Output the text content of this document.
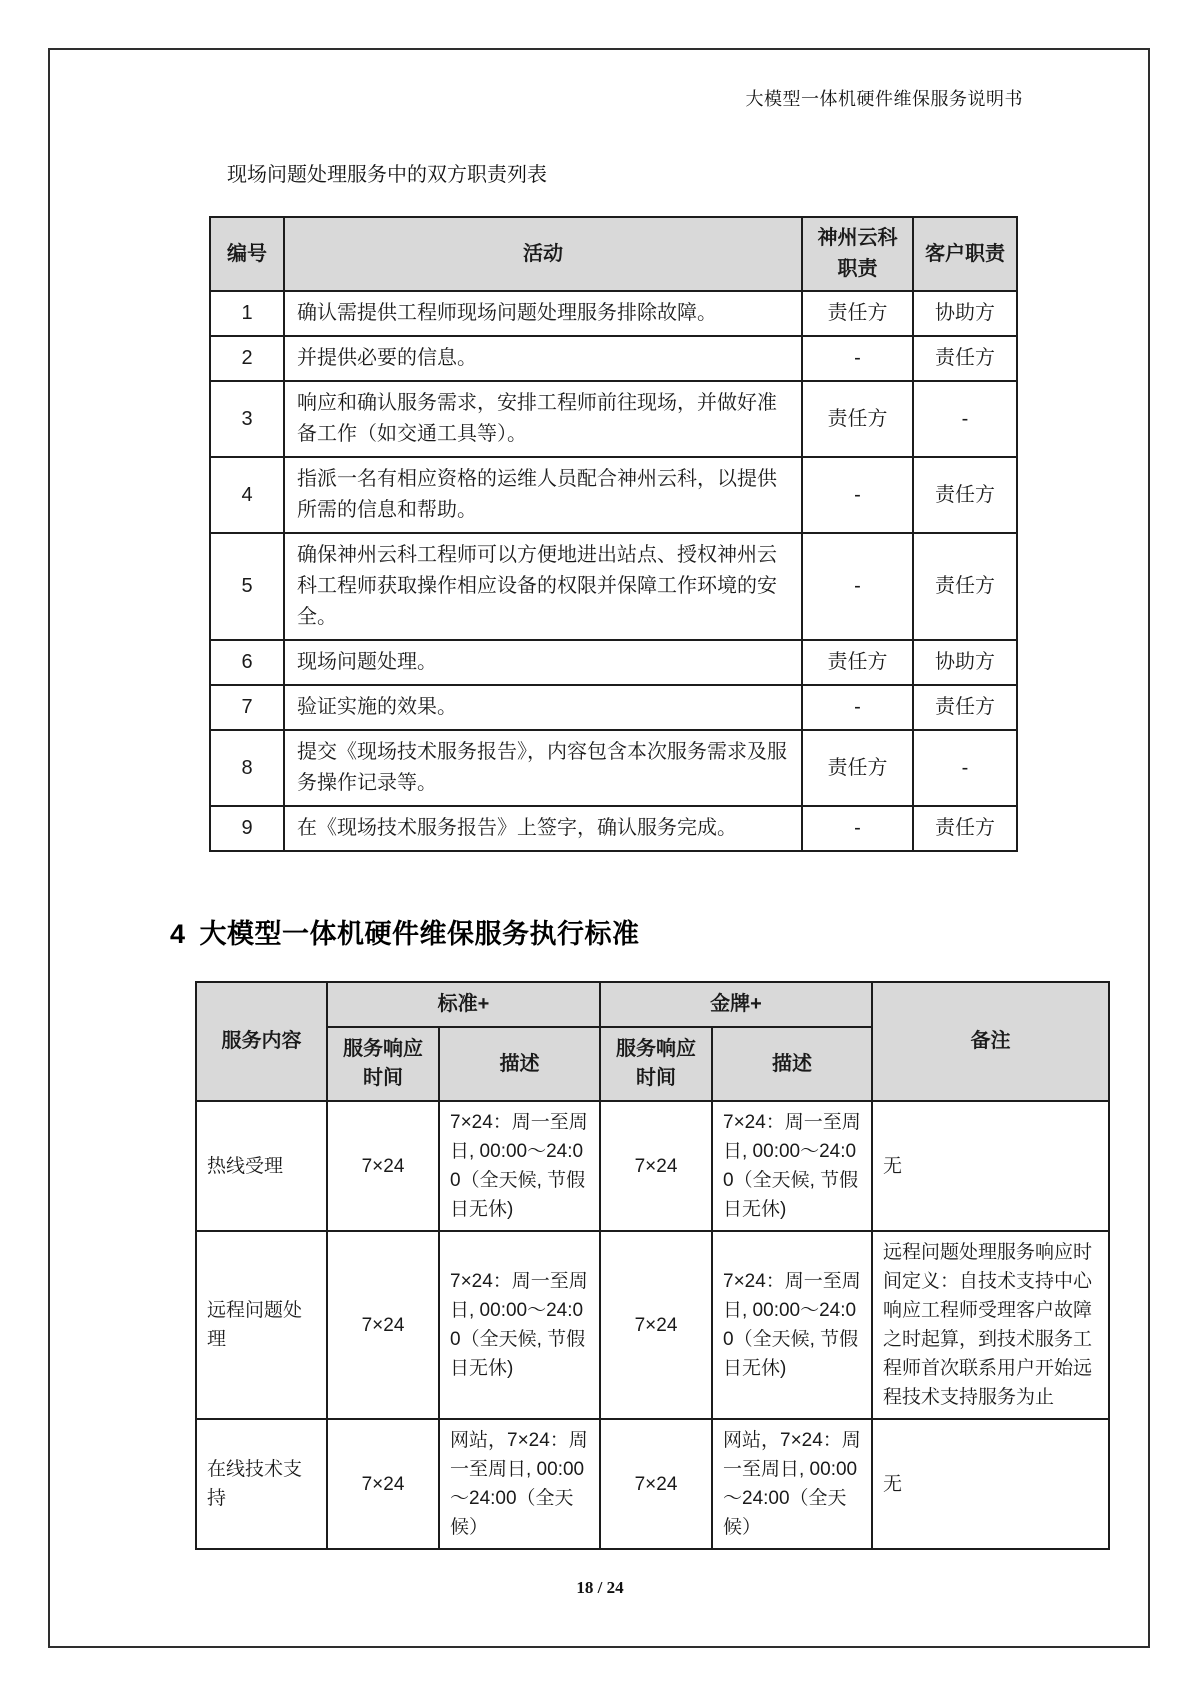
大模型一体机硬件维保服务说明书
现场问题处理服务中的双方职责列表
编号	活动	神州云科职责	客户职责
1	确认需提供工程师现场问题处理服务排除故障。	责任方	协助方
2	并提供必要的信息。	-	责任方
3	响应和确认服务需求，安排工程师前往现场，并做好准备工作（如交通工具等）。	责任方	-
4	指派一名有相应资格的运维人员配合神州云科，以提供所需的信息和帮助。	-	责任方
5	确保神州云科工程师可以方便地进出站点、授权神州云科工程师获取操作相应设备的权限并保障工作环境的安全。	-	责任方
6	现场问题处理。	责任方	协助方
7	验证实施的效果。	-	责任方
8	提交《现场技术服务报告》，内容包含本次服务需求及服务操作记录等。	责任方	-
9	在《现场技术服务报告》上签字，确认服务完成。	-	责任方
4 大模型一体机硬件维保服务执行标准
服务内容	标准+		金牌+		备注
	服务响应时间	描述	服务响应时间	描述	
热线受理	7×24	7×24：周一至周日, 00:00～24:00（全天候, 节假日无休)	7×24	7×24：周一至周日, 00:00～24:00（全天候, 节假日无休)	无
远程问题处理	7×24	7×24：周一至周日, 00:00～24:00（全天候, 节假日无休)	7×24	7×24：周一至周日, 00:00～24:00（全天候, 节假日无休)	远程问题处理服务响应时间定义：自技术支持中心响应工程师受理客户故障之时起算，到技术服务工程师首次联系用户开始远程技术支持服务为止
在线技术支持	7×24	网站，7×24：周一至周日, 00:00～24:00（全天候）	7×24	网站，7×24：周一至周日, 00:00～24:00（全天候）	无
18 / 24
